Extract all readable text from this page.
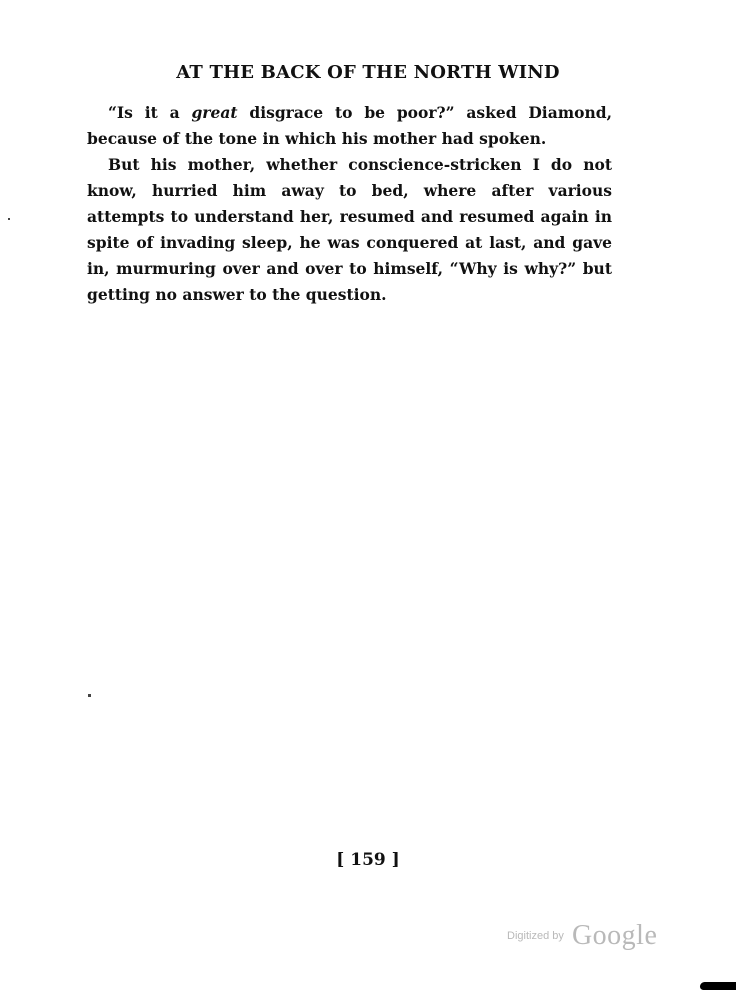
AT THE BACK OF THE NORTH WIND

“Is it a great disgrace to be poor?” asked Diamond, because of the tone in which his mother had spoken.

But his mother, whether conscience-stricken I do not know, hurried him away to bed, where after various attempts to understand her, resumed and resumed again in spite of invading sleep, he was conquered at last, and gave in, murmuring over and over to himself, “Why is why?” but getting no answer to the question.

[ 159 ]
Digitized by Google
